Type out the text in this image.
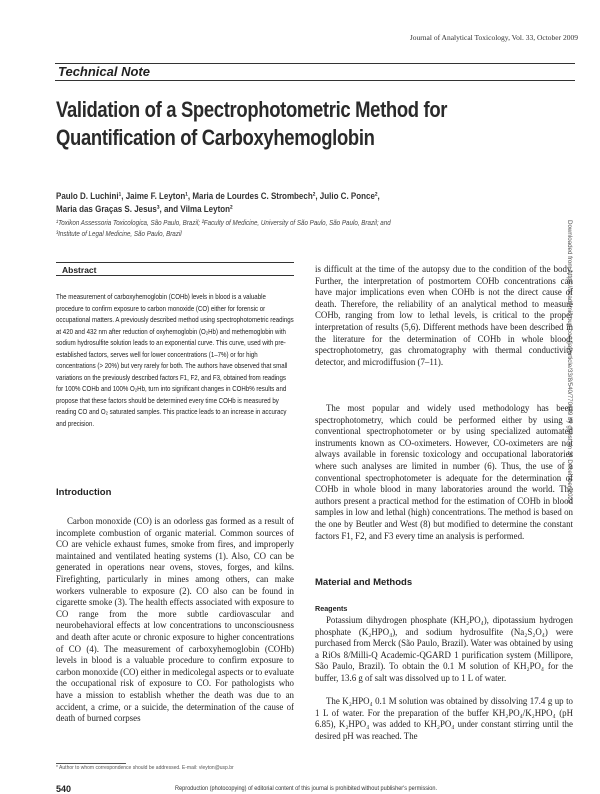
Journal of Analytical Toxicology, Vol. 33, October 2009
Technical Note
Validation of a Spectrophotometric Method for Quantification of Carboxyhemoglobin
Paulo D. Luchini¹, Jaime F. Leyton¹, Maria de Lourdes C. Strombech², Julio C. Ponce²,
Maria das Graças S. Jesus³, and Vilma Leyton²
¹Toxikon Assessoria Toxicologica, São Paulo, Brazil; ²Faculty of Medicine, University of São Paulo, São Paulo, Brazil; and
³Institute of Legal Medicine, São Paulo, Brazil	Downloaded from https://academic.oup.com/jat/article/33/8/540/770689 by guest on 24 December 2022
Abstract
The measurement of carboxyhemoglobin (COHb) levels in blood is a valuable procedure to confirm exposure to carbon monoxide (CO) either for forensic or occupational matters. A previously described method using spectrophotometric readings at 420 and 432 nm after reduction of oxyhemoglobin (O₂Hb) and methemoglobin with sodium hydrosulfite solution leads to an exponential curve. This curve, used with pre-established factors, serves well for lower concentrations (1–7%) or for high concentrations (> 20%) but very rarely for both. The authors have observed that small variations on the previously described factors F1, F2, and F3, obtained from readings for 100% COHb and 100% O₂Hb, turn into significant changes in COHb% results and propose that these factors should be determined every time COHb is measured by reading CO and O₂ saturated samples. This practice leads to an increase in accuracy and precision.
Introduction
Carbon monoxide (CO) is an odorless gas formed as a result of incomplete combustion of organic material. Common sources of CO are vehicle exhaust fumes, smoke from fires, and improperly maintained and ventilated heating systems (1). Also, CO can be generated in operations near ovens, stoves, forges, and kilns. Firefighting, particularly in mines among others, can make workers vulnerable to exposure (2). CO also can be found in cigarette smoke (3). The health effects associated with exposure to CO range from the more subtle cardiovascular and neurobehavioral effects at low concentrations to unconsciousness and death after acute or chronic exposure to higher concentrations of CO (4). The measurement of carboxyhemoglobin (COHb) levels in blood is a valuable procedure to confirm exposure to carbon monoxide (CO) either in medicolegal aspects or to evaluate the occupational risk of exposure to CO. For pathologists who have a mission to establish whether the death was due to an accident, a crime, or a suicide, the determination of the cause of death of burned corpses
is difficult at the time of the autopsy due to the condition of the body. Further, the interpretation of postmortem COHb concentrations can have major implications even when COHb is not the direct cause of death. Therefore, the reliability of an analytical method to measure COHb, ranging from low to lethal levels, is critical to the proper interpretation of results (5,6). Different methods have been described in the literature for the determination of COHb in whole blood: spectrophotometry, gas chromatography with thermal conductivity detector, and microdiffusion (7–11).
The most popular and widely used methodology has been spectrophotometry, which could be performed either by using a conventional spectrophotometer or by using specialized automated instruments known as CO-oximeters. However, CO-oximeters are not always available in forensic toxicology and occupational laboratories where such analyses are limited in number (6). Thus, the use of a conventional spectrophotometer is adequate for the determination of COHb in whole blood in many laboratories around the world. The authors present a practical method for the estimation of COHb in blood samples in low and lethal (high) concentrations. The method is based on the one by Beutler and West (8) but modified to determine the constant factors F1, F2, and F3 every time an analysis is performed.
Material and Methods
Reagents
Potassium dihydrogen phosphate (KH₂PO₄), dipotassium hydrogen phosphate (K₂HPO₄), and sodium hydrosulfite (Na₂S₂O₄) were purchased from Merck (São Paulo, Brazil). Water was obtained by using a RiOs 8/Milli-Q Academic-QGARD 1 purification system (Millipore, São Paulo, Brazil). To obtain the 0.1 M solution of KH₂PO₄ for the buffer, 13.6 g of salt was dissolved up to 1 L of water.
The K₂HPO₄ 0.1 M solution was obtained by dissolving 17.4 g up to 1 L of water. For the preparation of the buffer KH₂PO₄/K₂HPO₄ (pH 6.85), K₂HPO₄ was added to KH₂PO₄ under constant stirring until the desired pH was reached. The
* Author to whom correspondence should be addressed. E-mail: vleyton@usp.br
540	Reproduction (photocopying) of editorial content of this journal is prohibited without publisher's permission.
